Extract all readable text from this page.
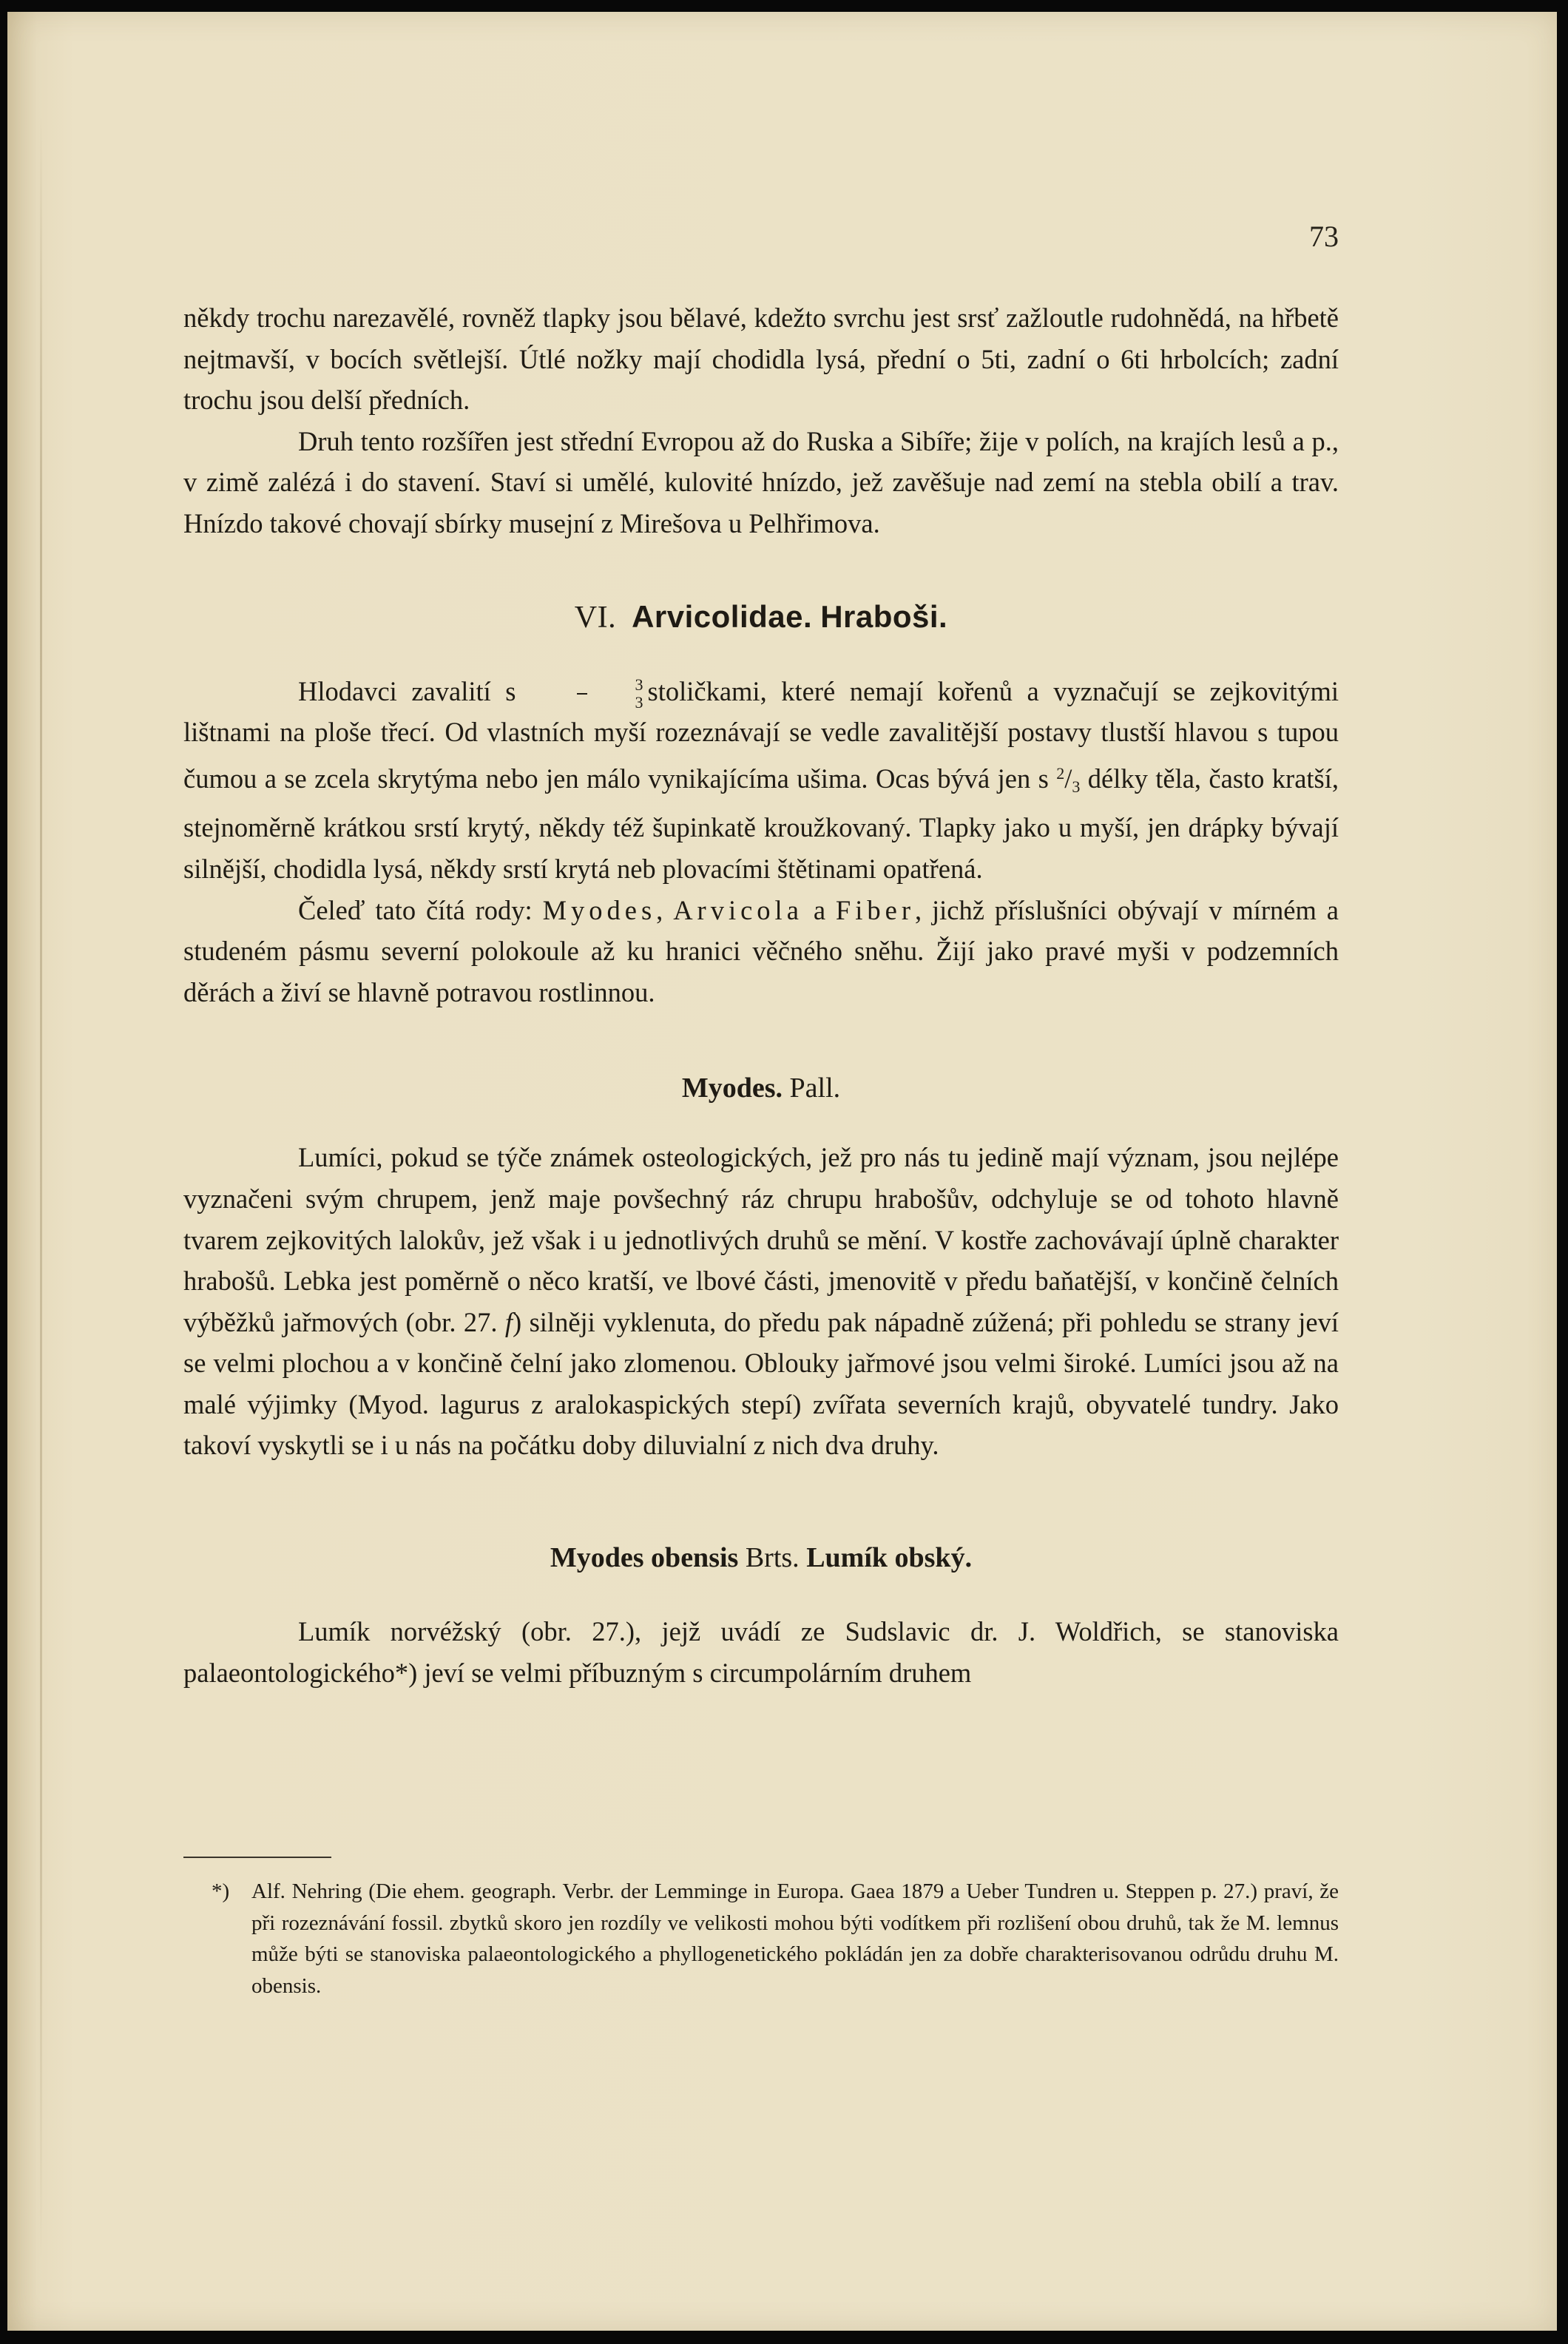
73

někdy trochu narezavělé, rovněž tlapky jsou bělavé, kdežto svrchu jest srsť zažloutle rudohnědá, na hřbetě nejtmavší, v bocích světlejší. Útlé nožky mají chodidla lysá, přední o 5ti, zadní o 6ti hrbolcích; zadní trochu jsou delší předních.

Druh tento rozšířen jest střední Evropou až do Ruska a Sibíře; žije v polích, na krajích lesů a p., v zimě zalézá i do stavení. Staví si umělé, kulovité hnízdo, jež zavěšuje nad zemí na stebla obilí a trav. Hnízdo takové chovají sbírky musejní z Mirešova u Pelhřimova.

VI. Arvicolidae. Hraboši.

Hlodavci zavalití s $\frac{3}{3}$ stoličkami, které nemají kořenů a vyznačují se zejkovitými lištnami na ploše třecí. Od vlastních myší rozeznávají se vedle zavalitější postavy tlustší hlavou s tupou čumou a se zcela skrytýma nebo jen málo vynikajícíma ušima. Ocas bývá jen s $^2/_3$ délky těla, často kratší, stejnoměrně krátkou srstí krytý, někdy též šupinkatě kroužkovaný. Tlapky jako u myší, jen drápky bývají silnější, chodidla lysá, někdy srstí krytá neb plovacími štětinami opatřená.

Čeleď tato čítá rody: Myodes, Arvicola a Fiber, jichž příslušníci obývají v mírném a studeném pásmu severní polokoule až ku hranici věčného sněhu. Žijí jako pravé myši v podzemních děrách a živí se hlavně potravou rostlinnou.

Myodes. Pall.

Lumíci, pokud se týče známek osteologických, jež pro nás tu jedině mají význam, jsou nejlépe vyznačeni svým chrupem, jenž maje povšechný ráz chrupu hrabošův, odchyluje se od tohoto hlavně tvarem zejkovitých lalokův, jež však i u jednotlivých druhů se mění. V kostře zachovávají úplně charakter hrabošů. Lebka jest poměrně o něco kratší, ve lbové části, jmenovitě v předu baňatější, v končině čelních výběžků jařmových (obr. 27. f) silněji vyklenuta, do předu pak nápadně zúžená; při pohledu se strany jeví se velmi plochou a v končině čelní jako zlomenou. Oblouky jařmové jsou velmi široké. Lumíci jsou až na malé výjimky (Myod. lagurus z aralokaspických stepí) zvířata severních krajů, obyvatelé tundry. Jako takoví vyskytli se i u nás na počátku doby diluvialní z nich dva druhy.

Myodes obensis Brts. Lumík obský.

Lumík norvéžský (obr. 27.), jejž uvádí ze Sudslavic dr. J. Woldřich, se stanoviska palaeontologického*) jeví se velmi příbuzným s circumpolárním druhem

*) Alf. Nehring (Die ehem. geograph. Verbr. der Lemminge in Europa. Gaea 1879 a Ueber Tundren u. Steppen p. 27.) praví, že při rozeznávání fossil. zbytků skoro jen rozdíly ve velikosti mohou býti vodítkem při rozlišení obou druhů, tak že M. lemnus může býti se stanoviska palaeontologického a phyllogenetického pokládán jen za dobře charakterisovanou odrůdu druhu M. obensis.
